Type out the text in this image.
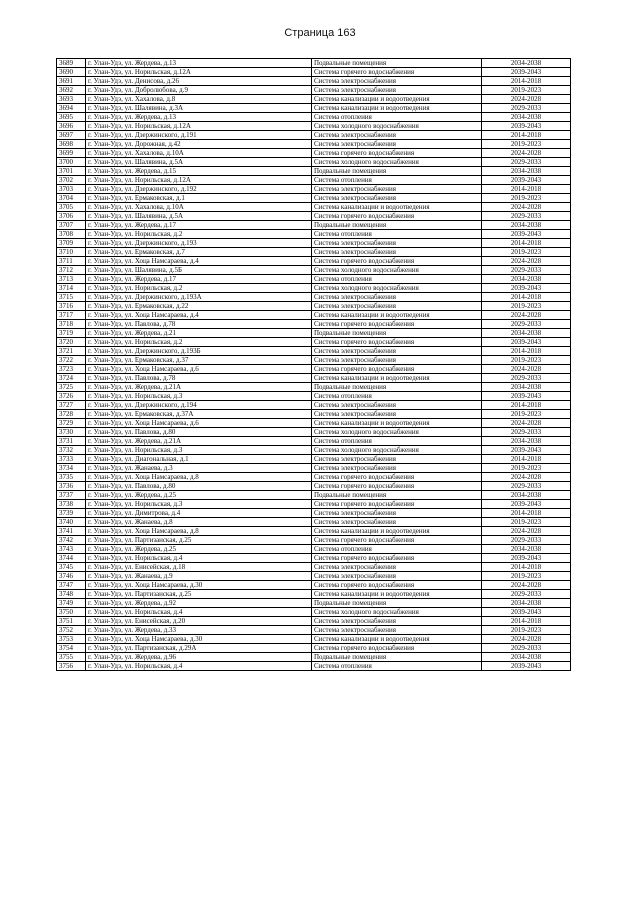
Страница 163
3689	г. Улан-Удэ, ул. Жердева, д.13	Подвальные помещения	2034-2038
3690	г. Улан-Удэ, ул. Норильская, д.12А	Система горячего водоснабжения	2039-2043
3691	г. Улан-Удэ, ул. Денисова, д.26	Система электроснабжения	2014-2018
3692	г. Улан-Удэ, ул. Добролюбова, д.9	Система электроснабжения	2019-2023
3693	г. Улан-Удэ, ул. Хахалова, д.8	Система канализации и водоотведения	2024-2028
3694	г. Улан-Удэ, ул. Шалявина, д.3А	Система канализации и водоотведения	2029-2033
3695	г. Улан-Удэ, ул. Жердева, д.13	Система отопления	2034-2038
3696	г. Улан-Удэ, ул. Норильская, д.12А	Система холодного водоснабжения	2039-2043
3697	г. Улан-Удэ, ул. Дзержинского, д.191	Система электроснабжения	2014-2018
3698	г. Улан-Удэ, ул. Дорожная, д.42	Система электроснабжения	2019-2023
3699	г. Улан-Удэ, ул. Хахалова, д.10А	Система горячего водоснабжения	2024-2028
3700	г. Улан-Удэ, ул. Шалявина, д.5А	Система холодного водоснабжения	2029-2033
3701	г. Улан-Удэ, ул. Жердева, д.15	Подвальные помещения	2034-2038
3702	г. Улан-Удэ, ул. Норильская, д.12А	Система отопления	2039-2043
3703	г. Улан-Удэ, ул. Дзержинского, д.192	Система электроснабжения	2014-2018
3704	г. Улан-Удэ, ул. Ермаковская, д.1	Система электроснабжения	2019-2023
3705	г. Улан-Удэ, ул. Хахалова, д.10А	Система канализации и водоотведения	2024-2028
3706	г. Улан-Удэ, ул. Шалявина, д.5А	Система горячего водоснабжения	2029-2033
3707	г. Улан-Удэ, ул. Жердева, д.17	Подвальные помещения	2034-2038
3708	г. Улан-Удэ, ул. Норильская, д.2	Система отопления	2039-2043
3709	г. Улан-Удэ, ул. Дзержинского, д.193	Система электроснабжения	2014-2018
3710	г. Улан-Удэ, ул. Ермаковская, д.7	Система электроснабжения	2019-2023
3711	г. Улан-Удэ, ул. Хоца Намсараева, д.4	Система горячего водоснабжения	2024-2028
3712	г. Улан-Удэ, ул. Шалявина, д.5Б	Система холодного водоснабжения	2029-2033
3713	г. Улан-Удэ, ул. Жердева, д.17	Система отопления	2034-2038
3714	г. Улан-Удэ, ул. Норильская, д.2	Система холодного водоснабжения	2039-2043
3715	г. Улан-Удэ, ул. Дзержинского, д.193А	Система электроснабжения	2014-2018
3716	г. Улан-Удэ, ул. Ермаковская, д.22	Система электроснабжения	2019-2023
3717	г. Улан-Удэ, ул. Хоца Намсараева, д.4	Система канализации и водоотведения	2024-2028
3718	г. Улан-Удэ, ул. Павлова, д.78	Система горячего водоснабжения	2029-2033
3719	г. Улан-Удэ, ул. Жердева, д.21	Подвальные помещения	2034-2038
3720	г. Улан-Удэ, ул. Норильская, д.2	Система горячего водоснабжения	2039-2043
3721	г. Улан-Удэ, ул. Дзержинского, д.193Б	Система электроснабжения	2014-2018
3722	г. Улан-Удэ, ул. Ермаковская, д.37	Система электроснабжения	2019-2023
3723	г. Улан-Удэ, ул. Хоца Намсараева, д.6	Система горячего водоснабжения	2024-2028
3724	г. Улан-Удэ, ул. Павлова, д.78	Система канализации и водоотведения	2029-2033
3725	г. Улан-Удэ, ул. Жердева, д.21А	Подвальные помещения	2034-2038
3726	г. Улан-Удэ, ул. Норильская, д.3	Система отопления	2039-2043
3727	г. Улан-Удэ, ул. Дзержинского, д.194	Система электроснабжения	2014-2018
3728	г. Улан-Удэ, ул. Ермаковская, д.37А	Система электроснабжения	2019-2023
3729	г. Улан-Удэ, ул. Хоца Намсараева, д.6	Система канализации и водоотведения	2024-2028
3730	г. Улан-Удэ, ул. Павлова, д.80	Система холодного водоснабжения	2029-2033
3731	г. Улан-Удэ, ул. Жердева, д.21А	Система отопления	2034-2038
3732	г. Улан-Удэ, ул. Норильская, д.3	Система холодного водоснабжения	2039-2043
3733	г. Улан-Удэ, ул. Диагональная, д.1	Система электроснабжения	2014-2018
3734	г. Улан-Удэ, ул. Жанаева, д.3	Система электроснабжения	2019-2023
3735	г. Улан-Удэ, ул. Хоца Намсараева, д.8	Система горячего водоснабжения	2024-2028
3736	г. Улан-Удэ, ул. Павлова, д.80	Система горячего водоснабжения	2029-2033
3737	г. Улан-Удэ, ул. Жердева, д.25	Подвальные помещения	2034-2038
3738	г. Улан-Удэ, ул. Норильская, д.3	Система горячего водоснабжения	2039-2043
3739	г. Улан-Удэ, ул. Димитрова, д.4	Система электроснабжения	2014-2018
3740	г. Улан-Удэ, ул. Жанаева, д.8	Система электроснабжения	2019-2023
3741	г. Улан-Удэ, ул. Хоца Намсараева, д.8	Система канализации и водоотведения	2024-2028
3742	г. Улан-Удэ, ул. Партизанская, д.25	Система горячего водоснабжения	2029-2033
3743	г. Улан-Удэ, ул. Жердева, д.25	Система отопления	2034-2038
3744	г. Улан-Удэ, ул. Норильская, д.4	Система горячего водоснабжения	2039-2043
3745	г. Улан-Удэ, ул. Енисейская, д.18	Система электроснабжения	2014-2018
3746	г. Улан-Удэ, ул. Жанаева, д.9	Система электроснабжения	2019-2023
3747	г. Улан-Удэ, ул. Хоца Намсараева, д.30	Система горячего водоснабжения	2024-2028
3748	г. Улан-Удэ, ул. Партизанская, д.25	Система канализации и водоотведения	2029-2033
3749	г. Улан-Удэ, ул. Жердева, д.92	Подвальные помещения	2034-2038
3750	г. Улан-Удэ, ул. Норильская, д.4	Система холодного водоснабжения	2039-2043
3751	г. Улан-Удэ, ул. Енисейская, д.20	Система электроснабжения	2014-2018
3752	г. Улан-Удэ, ул. Жердева, д.33	Система электроснабжения	2019-2023
3753	г. Улан-Удэ, ул. Хоца Намсараева, д.30	Система канализации и водоотведения	2024-2028
3754	г. Улан-Удэ, ул. Партизанская, д.29А	Система горячего водоснабжения	2029-2033
3755	г. Улан-Удэ, ул. Жердева, д.96	Подвальные помещения	2034-2038
3756	г. Улан-Удэ, ул. Норильская, д.4	Система отопления	2039-2043
